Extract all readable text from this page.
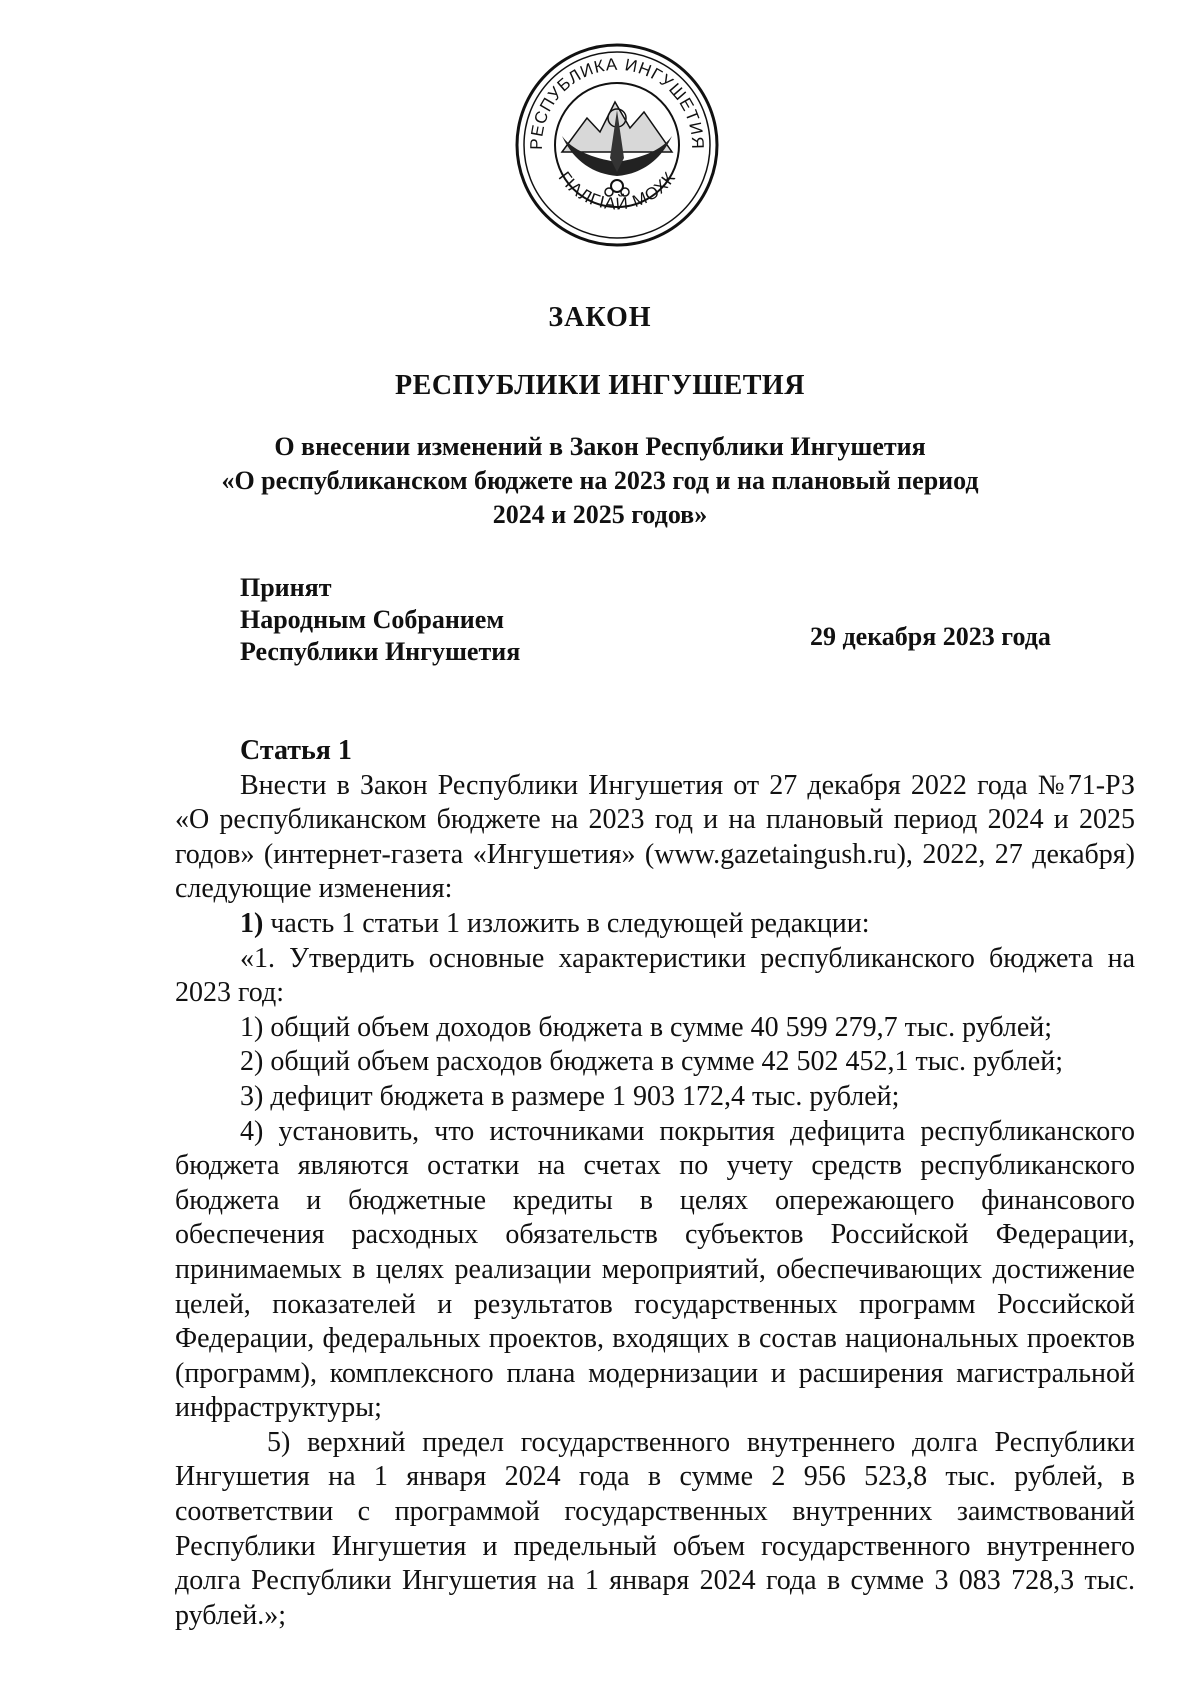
РЕСПУБЛИКА ИНГУШЕТИЯ
ГІАЛГІАЙ МОХК
ЗАКОН
РЕСПУБЛИКИ ИНГУШЕТИЯ
О внесении изменений в Закон Республики Ингушетия
«О республиканском бюджете на 2023 год и на плановый период
2024 и 2025 годов»
Принят
Народным Собранием
Республики Ингушетия
29 декабря 2023 года
Статья 1
Внести в Закон Республики Ингушетия от 27 декабря 2022 года №71-РЗ «О республиканском бюджете на 2023 год и на плановый период 2024 и 2025 годов» (интернет-газета «Ингушетия» (www.gazetaingush.ru), 2022, 27 декабря) следующие изменения:
1) часть 1 статьи 1 изложить в следующей редакции:
«1. Утвердить основные характеристики республиканского бюджета на 2023 год:
1) общий объем доходов бюджета в сумме 40 599 279,7 тыс. рублей;
2) общий объем расходов бюджета в сумме 42 502 452,1 тыс. рублей;
3) дефицит бюджета в размере 1 903 172,4 тыс. рублей;
4) установить, что источниками покрытия дефицита республиканского бюджета являются остатки на счетах по учету средств республиканского бюджета и бюджетные кредиты в целях опережающего финансового обеспечения расходных обязательств субъектов Российской Федерации, принимаемых в целях реализации мероприятий, обеспечивающих достижение целей, показателей и результатов государственных программ Российской Федерации, федеральных проектов, входящих в состав национальных проектов (программ), комплексного плана модернизации и расширения магистральной инфраструктуры;
5) верхний предел государственного внутреннего долга Республики Ингушетия на 1 января 2024 года в сумме 2 956 523,8 тыс. рублей, в соответствии с программой государственных внутренних заимствований Республики Ингушетия и предельный объем государственного внутреннего долга Республики Ингушетия на 1 января 2024 года в сумме 3 083 728,3 тыс. рублей.»;
